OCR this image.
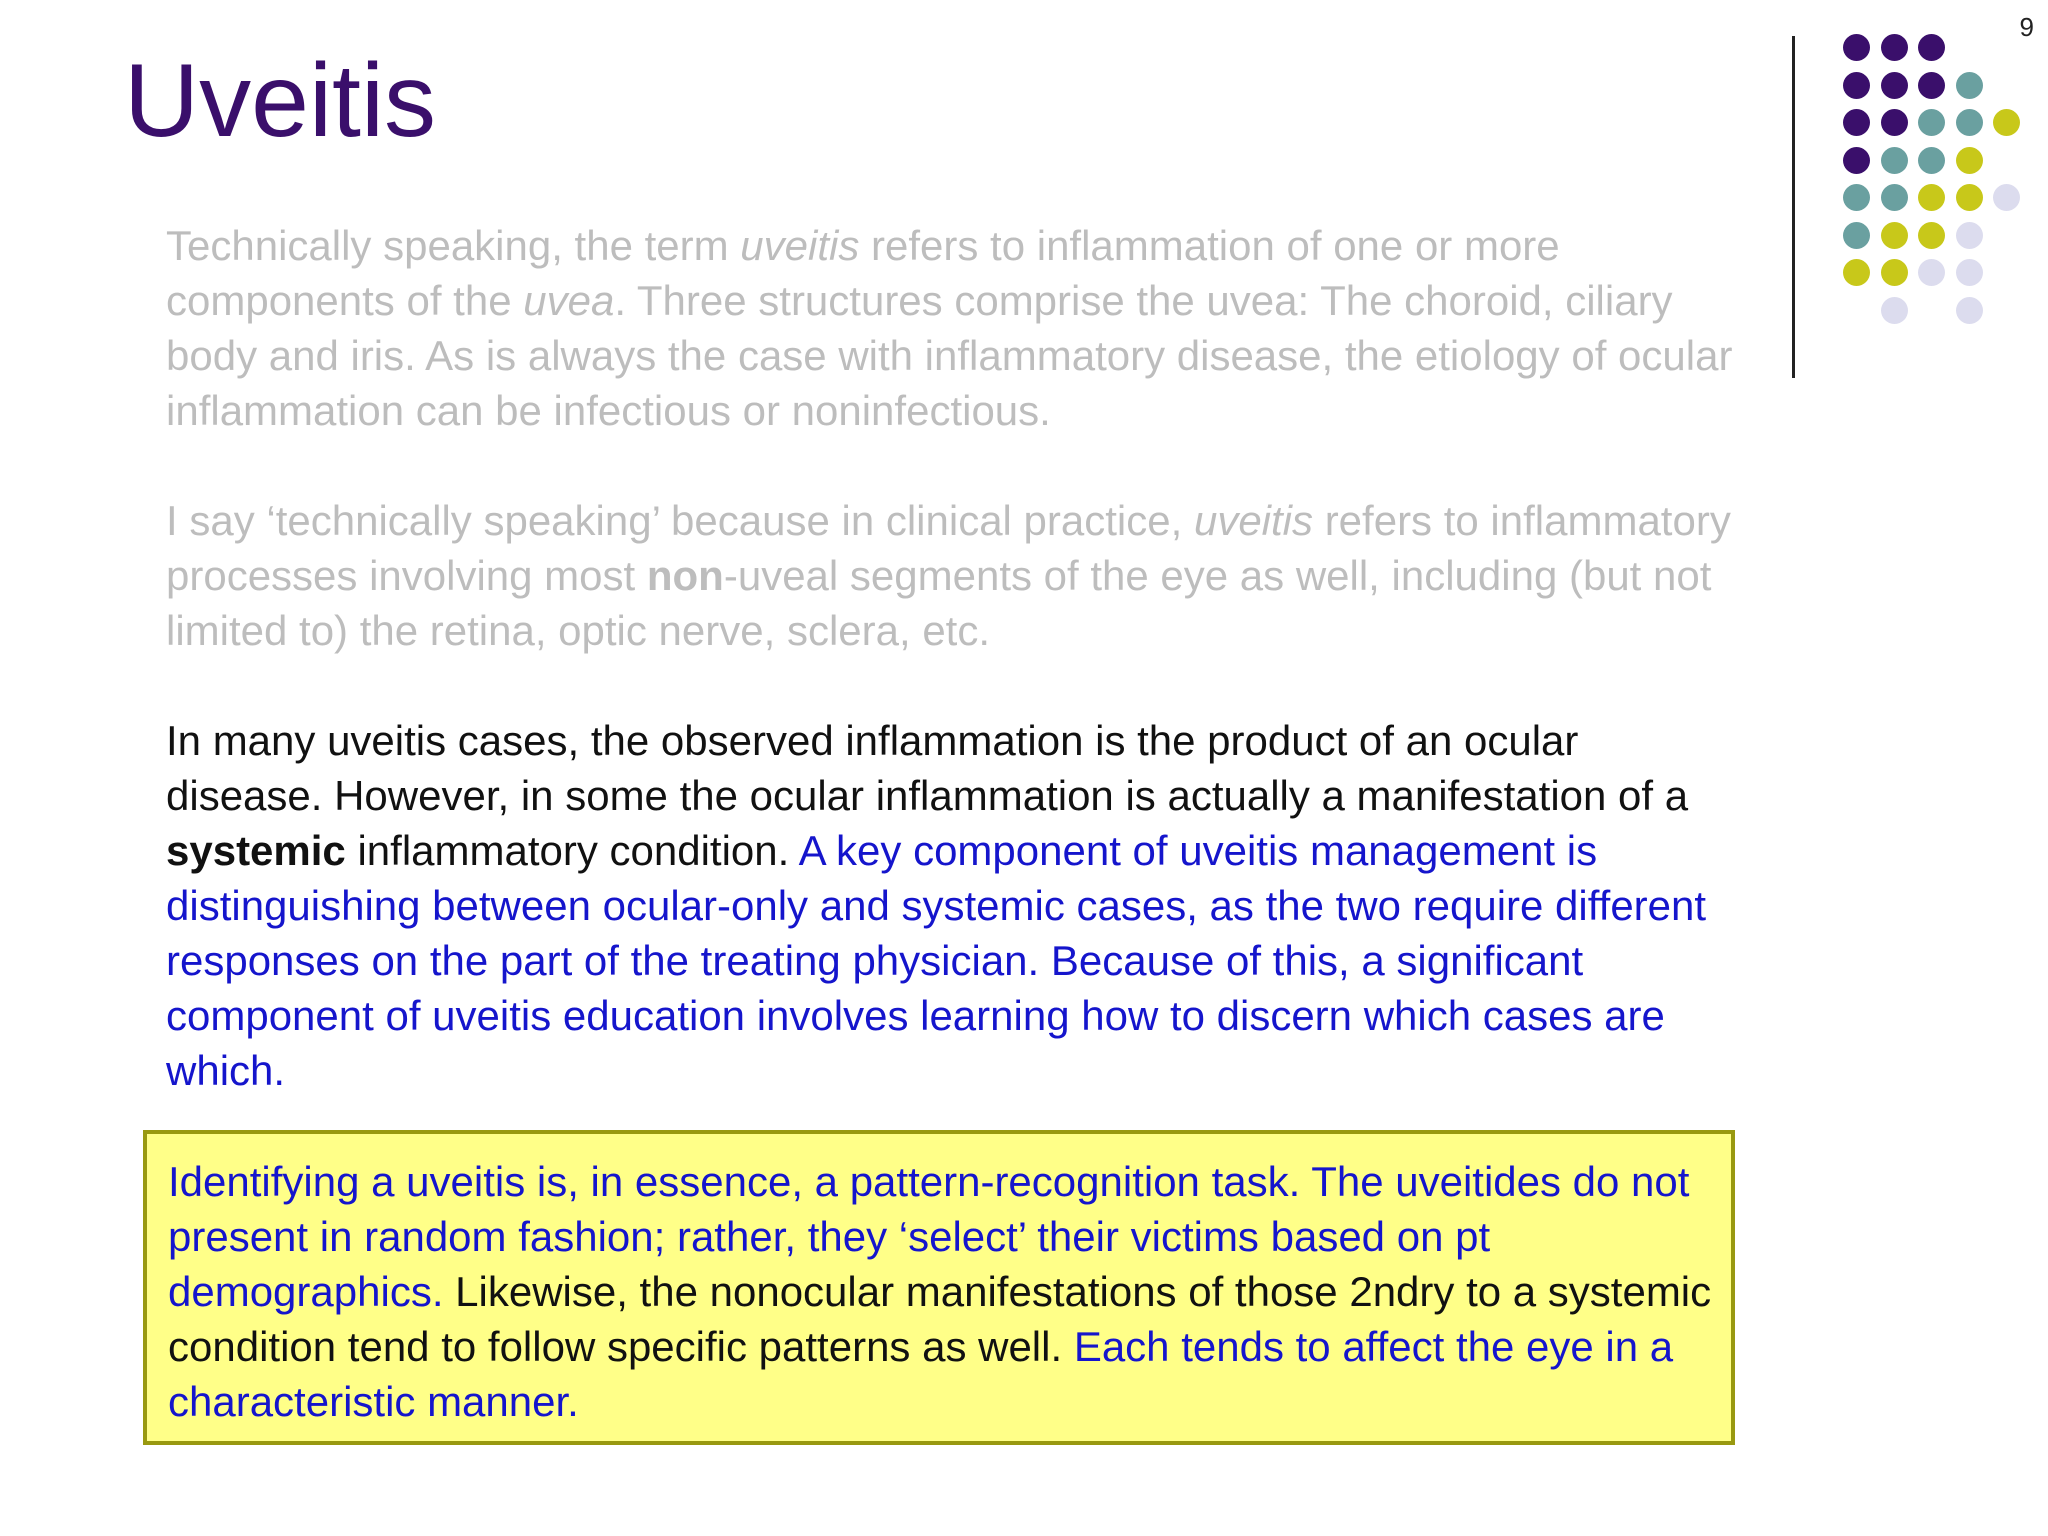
9
Uveitis

Technically speaking, the term uveitis refers to inflammation of one or more components of the uvea. Three structures comprise the uvea: The choroid, ciliary body and iris. As is always the case with inflammatory disease, the etiology of ocular inflammation can be infectious or noninfectious.

I say ‘technically speaking’ because in clinical practice, uveitis refers to inflammatory processes involving most non-uveal segments of the eye as well, including (but not limited to) the retina, optic nerve, sclera, etc.

In many uveitis cases, the observed inflammation is the product of an ocular disease. However, in some the ocular inflammation is actually a manifestation of a systemic inflammatory condition. A key component of uveitis management is distinguishing between ocular-only and systemic cases, as the two require different responses on the part of the treating physician. Because of this, a significant component of uveitis education involves learning how to discern which cases are which.

Identifying a uveitis is, in essence, a pattern-recognition task. The uveitides do not present in random fashion; rather, they ‘select’ their victims based on pt demographics. Likewise, the nonocular manifestations of those 2ndry to a systemic condition tend to follow specific patterns as well. Each tends to affect the eye in a characteristic manner.
